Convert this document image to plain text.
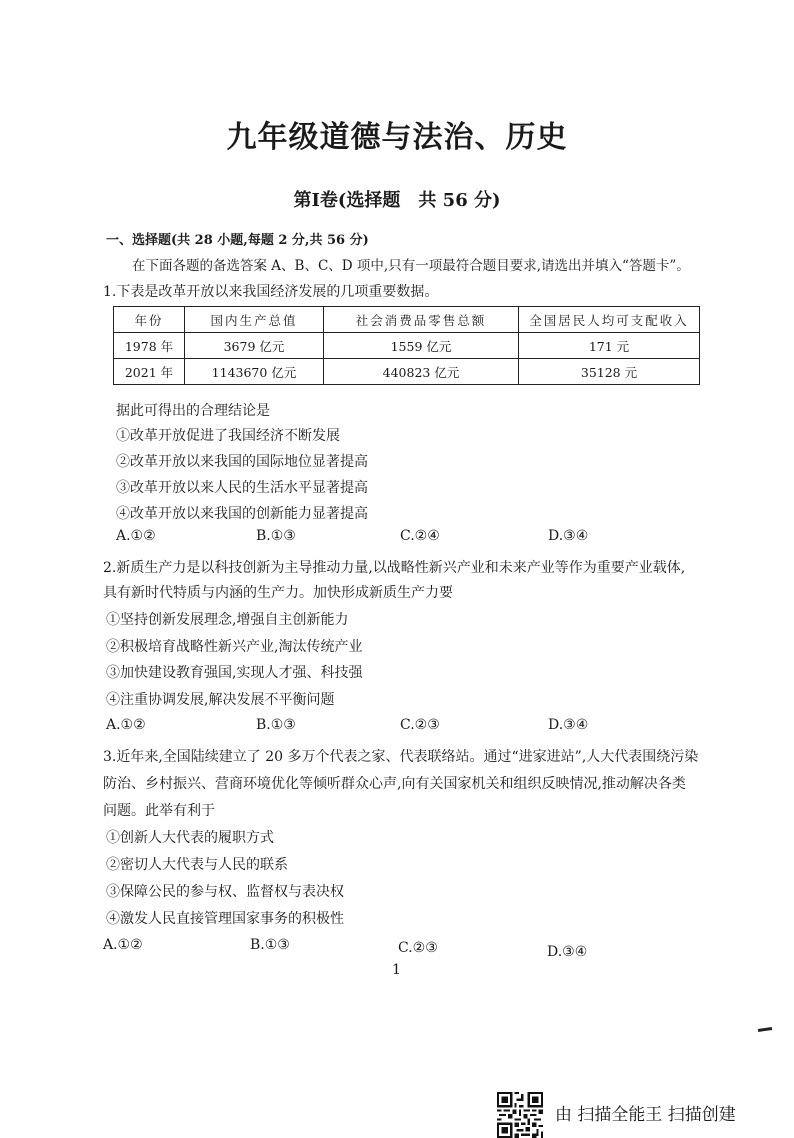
九年级道德与法治、历史
第Ⅰ卷(选择题　共 56 分)
一、选择题(共 28 小题,每题 2 分,共 56 分)
在下面各题的备选答案 A、B、C、D 项中,只有一项最符合题目要求,请选出并填入“答题卡”。
1.下表是改革开放以来我国经济发展的几项重要数据。
年份	国内生产总值	社会消费品零售总额	全国居民人均可支配收入
1978 年	3679 亿元	1559 亿元	171 元
2021 年	1143670 亿元	440823 亿元	35128 元
据此可得出的合理结论是
①改革开放促进了我国经济不断发展
②改革开放以来我国的国际地位显著提高
③改革开放以来人民的生活水平显著提高
④改革开放以来我国的创新能力显著提高
A.①②	B.①③	C.②④	D.③④
2.新质生产力是以科技创新为主导推动力量,以战略性新兴产业和未来产业等作为重要产业载体,
具有新时代特质与内涵的生产力。加快形成新质生产力要
①坚持创新发展理念,增强自主创新能力
②积极培育战略性新兴产业,淘汰传统产业
③加快建设教育强国,实现人才强、科技强
④注重协调发展,解决发展不平衡问题
A.①②	B.①③	C.②③	D.③④
3.近年来,全国陆续建立了 20 多万个代表之家、代表联络站。通过“进家进站”,人大代表围绕污染
防治、乡村振兴、营商环境优化等倾听群众心声,向有关国家机关和组织反映情况,推动解决各类
问题。此举有利于
①创新人大代表的履职方式
②密切人大代表与人民的联系
③保障公民的参与权、监督权与表决权
④激发人民直接管理国家事务的积极性
A.①②	B.①③	C.②③	D.③④
1
由 扫描全能王 扫描创建
